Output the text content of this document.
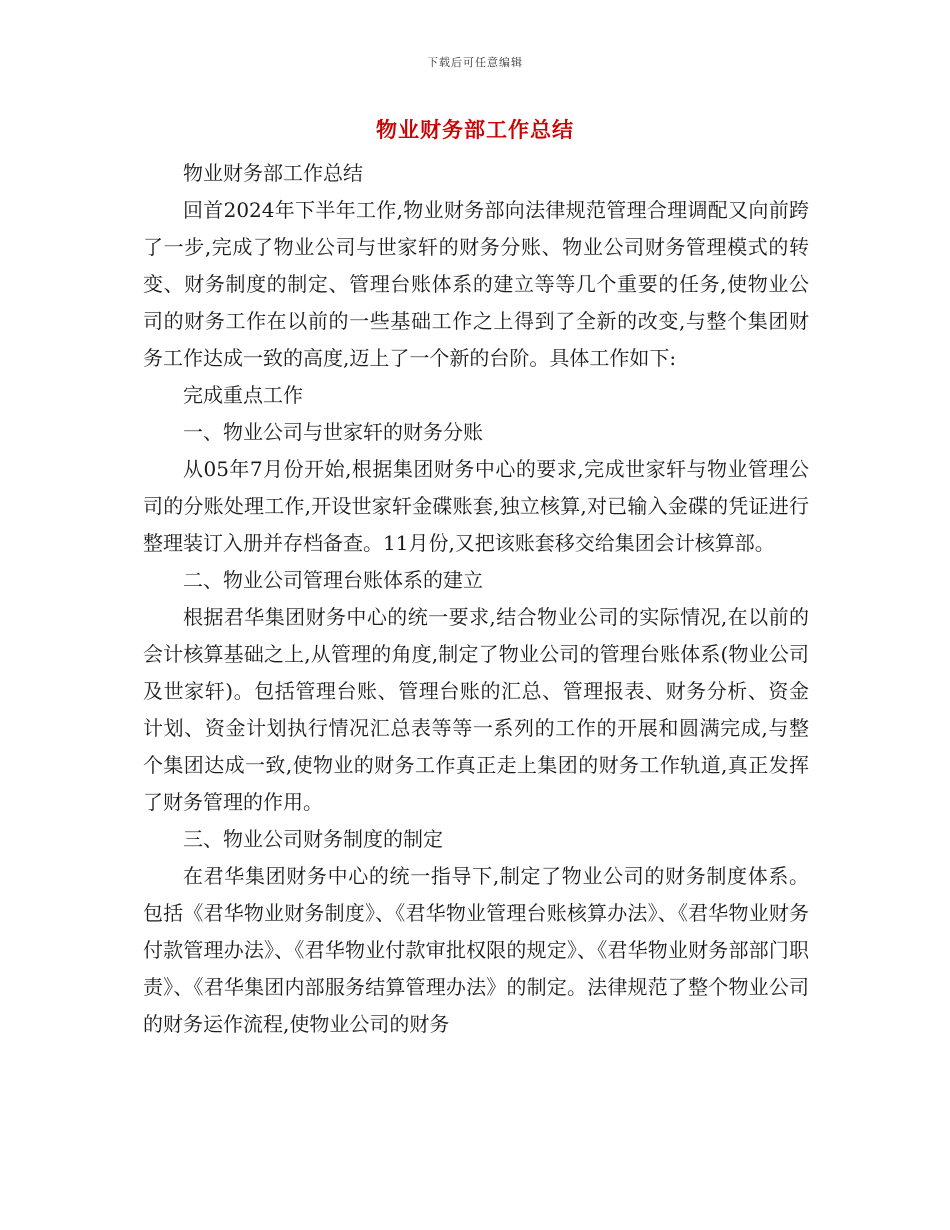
下载后可任意编辑
物业财务部工作总结

物业财务部工作总结

回首2024年下半年工作,物业财务部向法律规范管理合理调配又向前跨了一步,完成了物业公司与世家轩的财务分账、物业公司财务管理模式的转变、财务制度的制定、管理台账体系的建立等等几个重要的任务,使物业公司的财务工作在以前的一些基础工作之上得到了全新的改变,与整个集团财务工作达成一致的高度,迈上了一个新的台阶。具体工作如下:

完成重点工作

一、物业公司与世家轩的财务分账

从05年7月份开始,根据集团财务中心的要求,完成世家轩与物业管理公司的分账处理工作,开设世家轩金碟账套,独立核算,对已输入金碟的凭证进行整理装订入册并存档备查。11月份,又把该账套移交给集团会计核算部。

二、物业公司管理台账体系的建立

根据君华集团财务中心的统一要求,结合物业公司的实际情况,在以前的会计核算基础之上,从管理的角度,制定了物业公司的管理台账体系(物业公司及世家轩)。包括管理台账、管理台账的汇总、管理报表、财务分析、资金计划、资金计划执行情况汇总表等等一系列的工作的开展和圆满完成,与整个集团达成一致,使物业的财务工作真正走上集团的财务工作轨道,真正发挥了财务管理的作用。

三、物业公司财务制度的制定

在君华集团财务中心的统一指导下,制定了物业公司的财务制度体系。包括《君华物业财务制度》、《君华物业管理台账核算办法》、《君华物业财务付款管理办法》、《君华物业付款审批权限的规定》、《君华物业财务部部门职责》、《君华集团内部服务结算管理办法》的制定。法律规范了整个物业公司的财务运作流程,使物业公司的财务
